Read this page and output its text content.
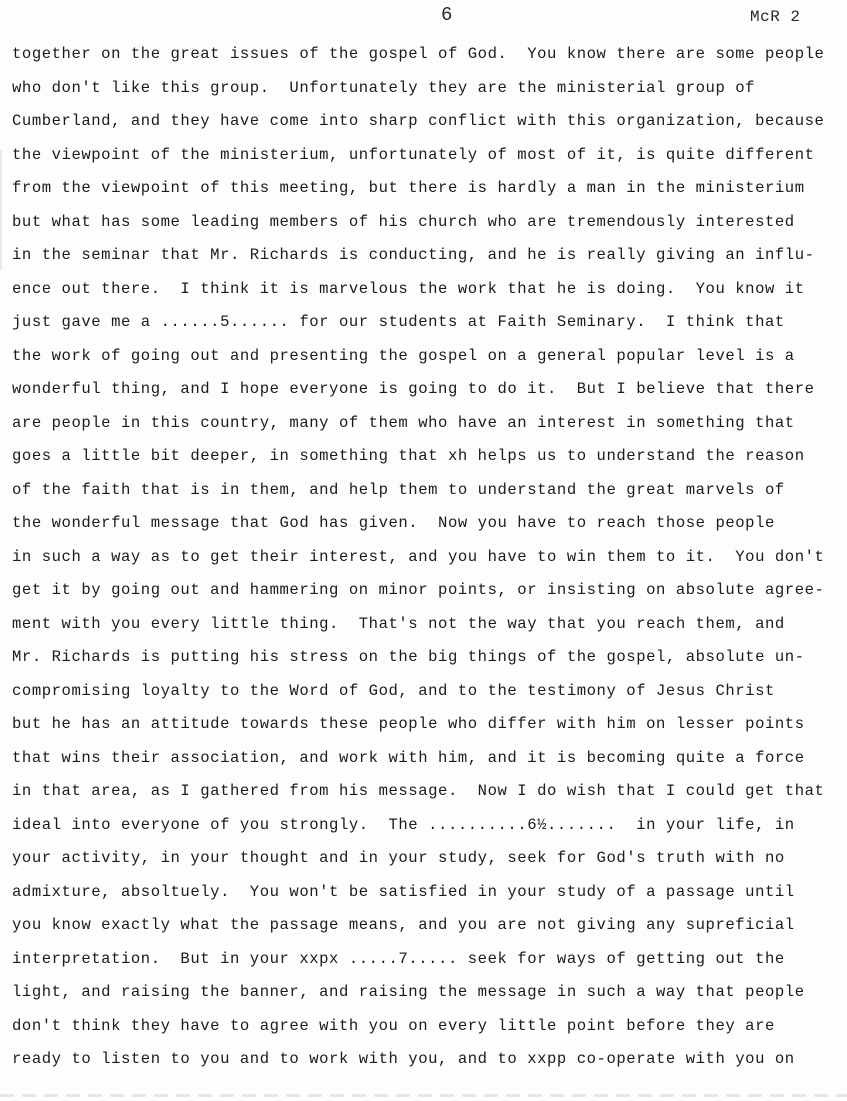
6	McR 2
together on the great issues of the gospel of God.  You know there are some people
who don't like this group.  Unfortunately they are the ministerial group of
Cumberland, and they have come into sharp conflict with this organization, because
the viewpoint of the ministerium, unfortunately of most of it, is quite different
from the viewpoint of this meeting, but there is hardly a man in the ministerium
but what has some leading members of his church who are tremendously interested
in the seminar that Mr. Richards is conducting, and he is really giving an influ-
ence out there.  I think it is marvelous the work that he is doing.  You know it
just gave me a ......5...... for our students at Faith Seminary.  I think that
the work of going out and presenting the gospel on a general popular level is a
wonderful thing, and I hope everyone is going to do it.  But I believe that there
are people in this country, many of them who have an interest in something that
goes a little bit deeper, in something that xh helps us to understand the reason
of the faith that is in them, and help them to understand the great marvels of
the wonderful message that God has given.  Now you have to reach those people
in such a way as to get their interest, and you have to win them to it.  You don't
get it by going out and hammering on minor points, or insisting on absolute agree-
ment with you every little thing.  That's not the way that you reach them, and
Mr. Richards is putting his stress on the big things of the gospel, absolute un-
compromising loyalty to the Word of God, and to the testimony of Jesus Christ
but he has an attitude towards these people who differ with him on lesser points
that wins their association, and work with him, and it is becoming quite a force
in that area, as I gathered from his message.  Now I do wish that I could get that
ideal into everyone of you strongly.  The ..........6½.......  in your life, in
your activity, in your thought and in your study, seek for God's truth with no
admixture, absoltuely.  You won't be satisfied in your study of a passage until
you know exactly what the passage means, and you are not giving any supreficial
interpretation.  But in your xxpx .....7..... seek for ways of getting out the
light, and raising the banner, and raising the message in such a way that people
don't think they have to agree with you on every little point before they are
ready to listen to you and to work with you, and to xxpp co-operate with you on
